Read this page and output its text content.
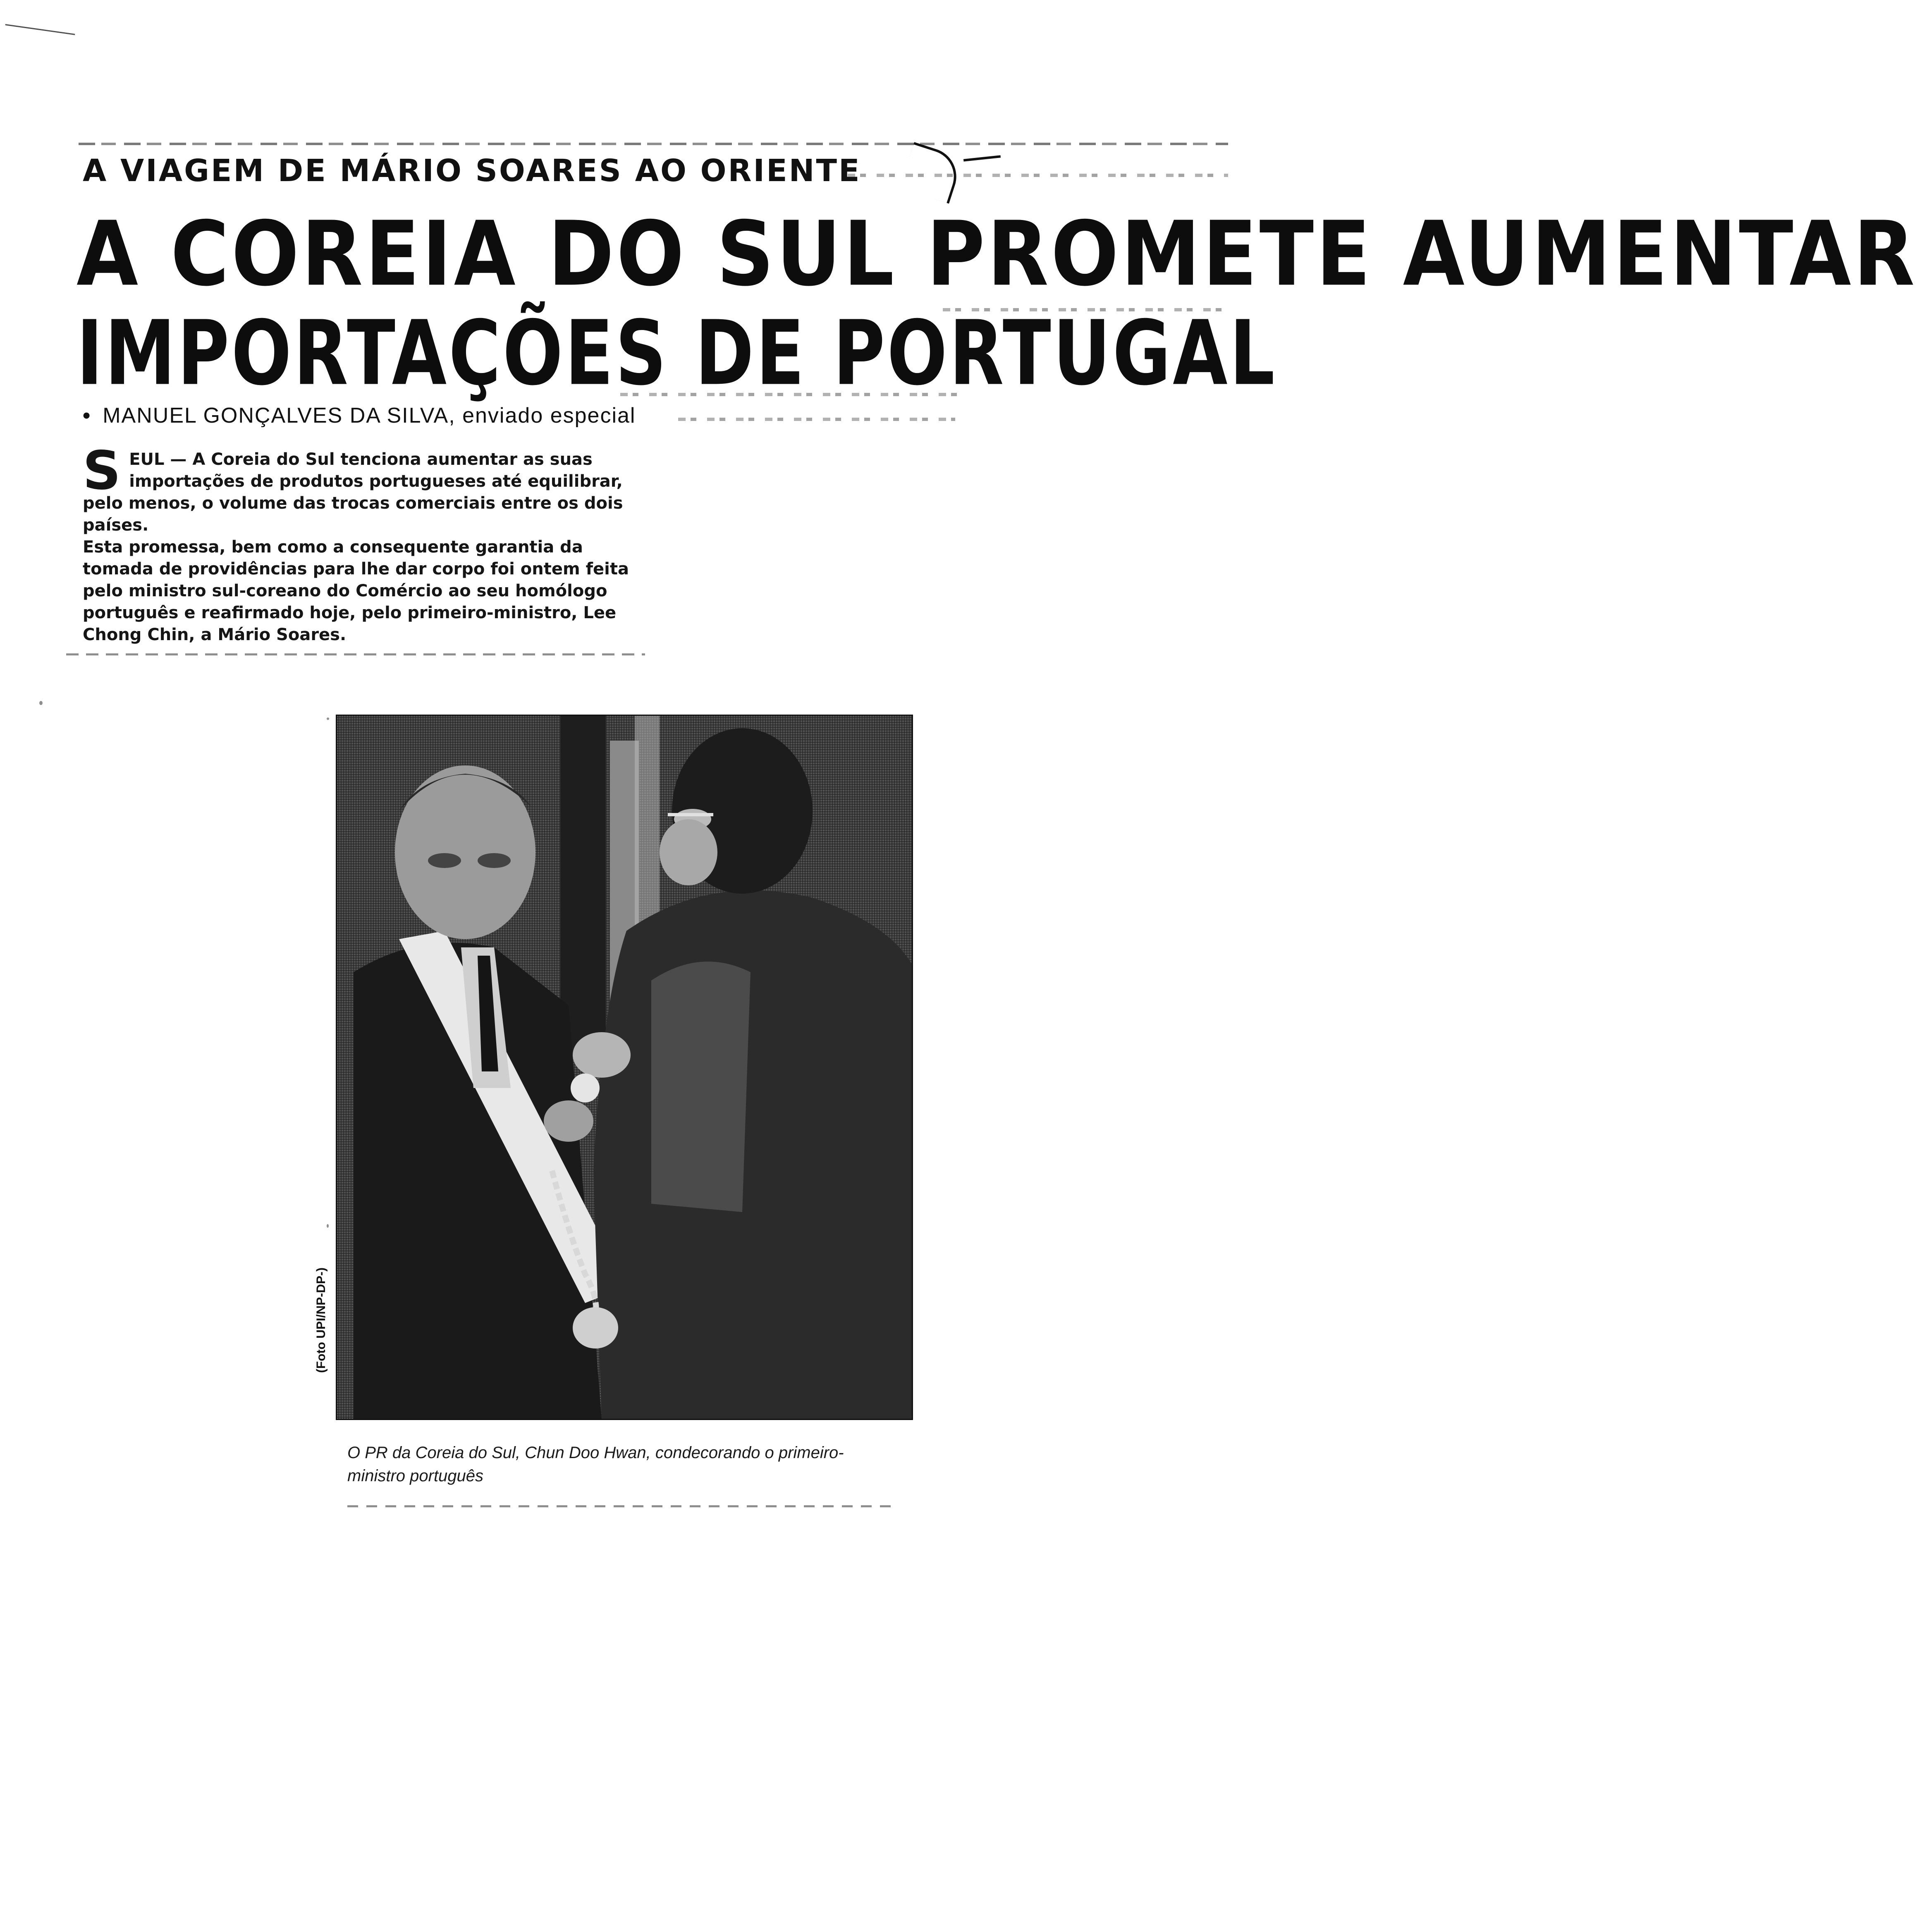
A VIAGEM DE MÁRIO SOARES AO ORIENTE
A COREIA DO SUL PROMETE AUMENTAR
IMPORTAÇÕES DE PORTUGAL
• MANUEL GONÇALVES DA SILVA, enviado especial

SEUL — A Coreia do Sul tenciona aumentar as suas importações de produtos portugueses até equilibrar, pelo menos, o volume das trocas comerciais entre os dois países.

Esta promessa, bem como a consequente garantia da tomada de providências para lhe dar corpo foi ontem feita pelo ministro sul-coreano do Comércio ao seu homólogo português e reafirmado hoje, pelo primeiro-ministro, Lee Chong Chin, a Mário Soares.

(Foto UPI/NP-DP-)
O PR da Coreia do Sul, Chun Doo Hwan, condecorando o primeiro-ministro português
